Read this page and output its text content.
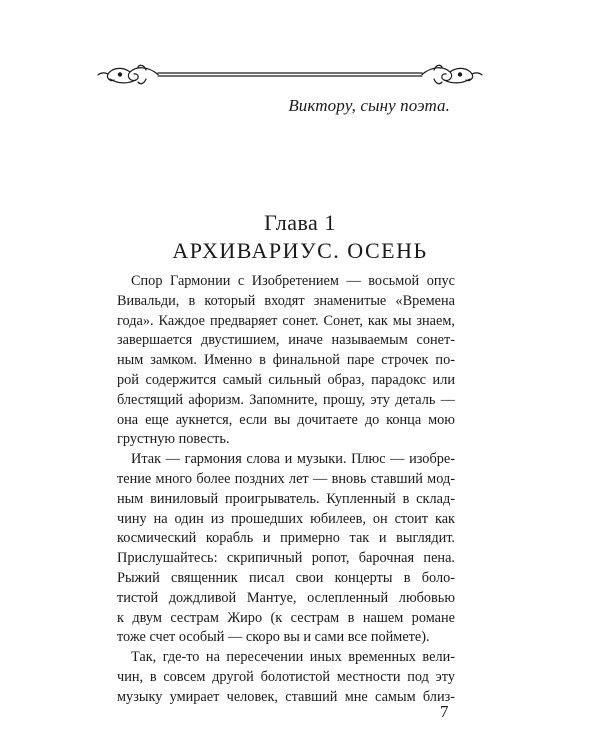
Виктоpу, сыну поэта.
Глава 1
АРХИВАРИУС. ОСЕНЬ

Спор Гармонии с Изобретением — восьмой опус
Вивальди, в который входят знаменитые «Времена
года». Каждое предваряет сонет. Сонет, как мы знаем,
завершается двустишием, иначе называемым сонет-
ным замком. Именно в финальной паре строчек по-
рой содержится самый сильный образ, парадокс или
блестящий афоризм. Запомните, прошу, эту деталь —
она еще аукнется, если вы дочитаете до конца мою
грустную повесть.

Итак — гармония слова и музыки. Плюс — изобре-
тение много более поздних лет — вновь ставший мод-
ным виниловый проигрыватель. Купленный в склад-
чину на один из прошедших юбилеев, он стоит как
космический корабль и примерно так и выглядит.
Прислушайтесь: скрипичный ропот, барочная пена.
Рыжий священник писал свои концерты в боло-
тистой дождливой Мантуе, ослепленный любовью
к двум сестрам Жиро (к сестрам в нашем романе
тоже счет особый — скоро вы и сами все поймете).

Так, где-то на пересечении иных временных вели-
чин, в совсем другой болотистой местности под эту
музыку умирает человек, ставший мне самым близ-

7
